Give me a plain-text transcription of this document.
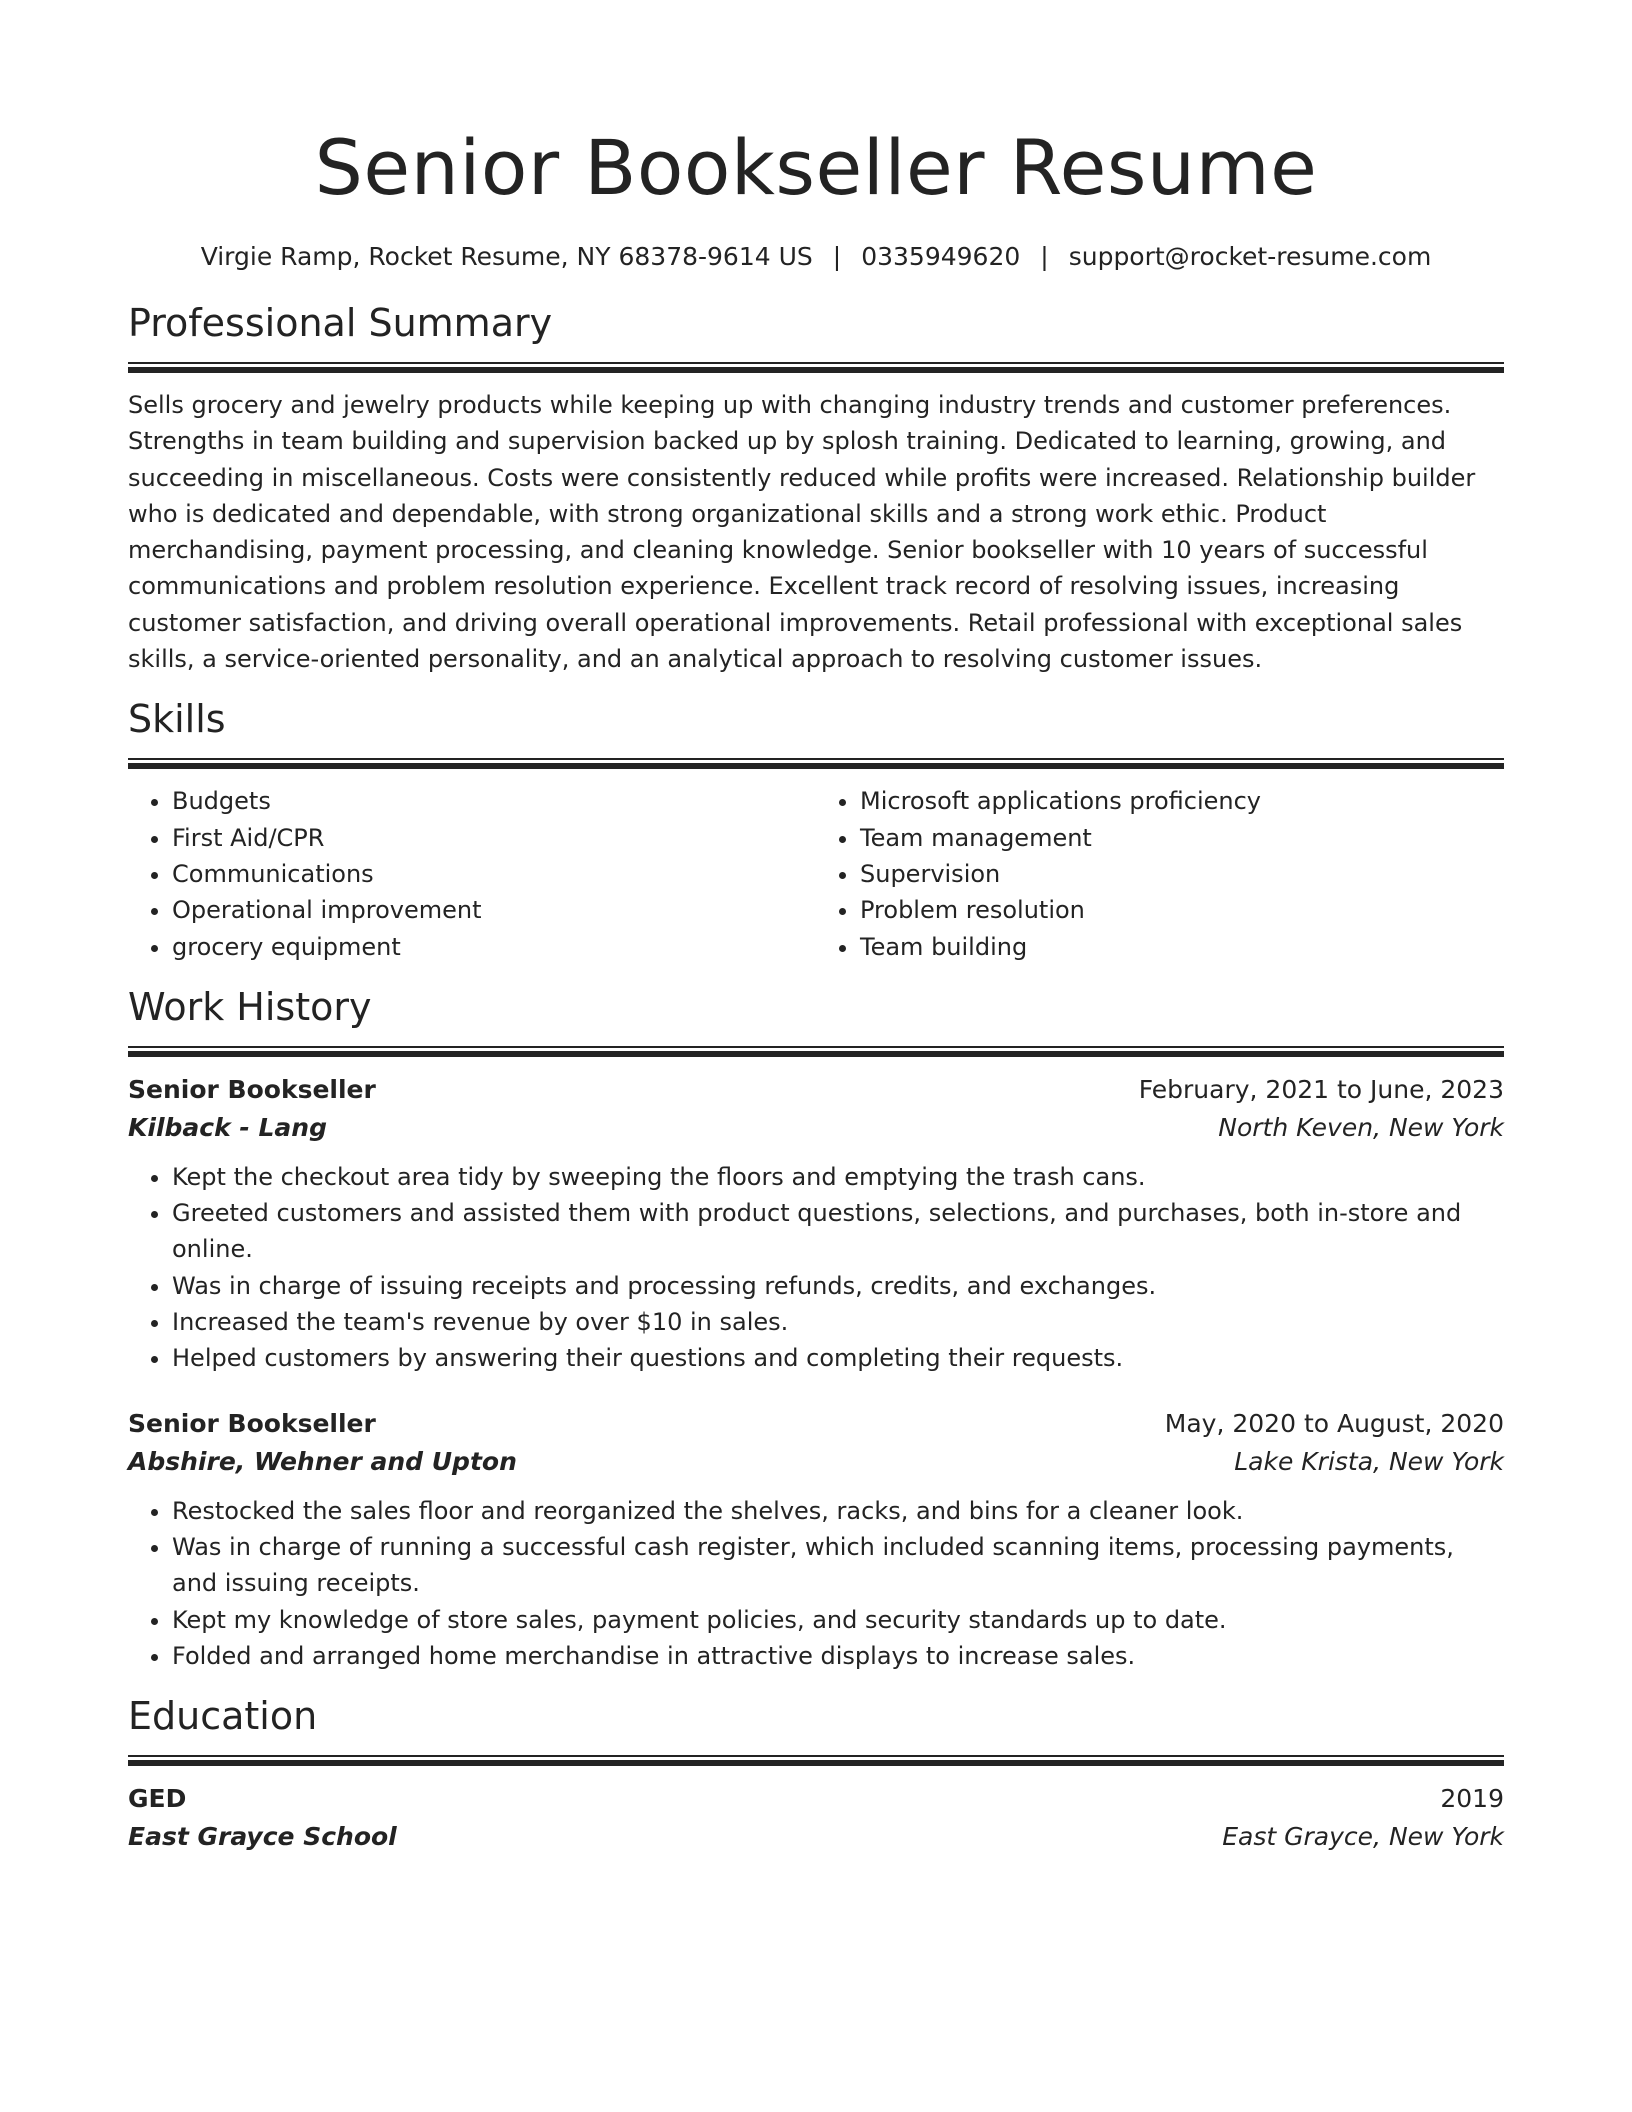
Senior Bookseller Resume
Virgie Ramp, Rocket Resume, NY 68378-9614 US | 0335949620 | support@rocket-resume.com
Professional Summary

Sells grocery and jewelry products while keeping up with changing industry trends and customer preferences. Strengths in team building and supervision backed up by splosh training. Dedicated to learning, growing, and succeeding in miscellaneous. Costs were consistently reduced while profits were increased. Relationship builder who is dedicated and dependable, with strong organizational skills and a strong work ethic. Product merchandising, payment processing, and cleaning knowledge. Senior bookseller with 10 years of successful communications and problem resolution experience. Excellent track record of resolving issues, increasing customer satisfaction, and driving overall operational improvements. Retail professional with exceptional sales skills, a service-oriented personality, and an analytical approach to resolving customer issues.

Skills
• Budgets
• First Aid/CPR
• Communications
• Operational improvement
• grocery equipment
• Microsoft applications proficiency
• Team management
• Supervision
• Problem resolution
• Team building
Work History
Senior Bookseller	February, 2021 to June, 2023
Kilback - Lang	North Keven, New York
• Kept the checkout area tidy by sweeping the floors and emptying the trash cans.
• Greeted customers and assisted them with product questions, selections, and purchases, both in-store and online.
• Was in charge of issuing receipts and processing refunds, credits, and exchanges.
• Increased the team's revenue by over $10 in sales.
• Helped customers by answering their questions and completing their requests.
Senior Bookseller	May, 2020 to August, 2020
Abshire, Wehner and Upton	Lake Krista, New York
• Restocked the sales floor and reorganized the shelves, racks, and bins for a cleaner look.
• Was in charge of running a successful cash register, which included scanning items, processing payments, and issuing receipts.
• Kept my knowledge of store sales, payment policies, and security standards up to date.
• Folded and arranged home merchandise in attractive displays to increase sales.
Education
GED	2019
East Grayce School	East Grayce, New York
